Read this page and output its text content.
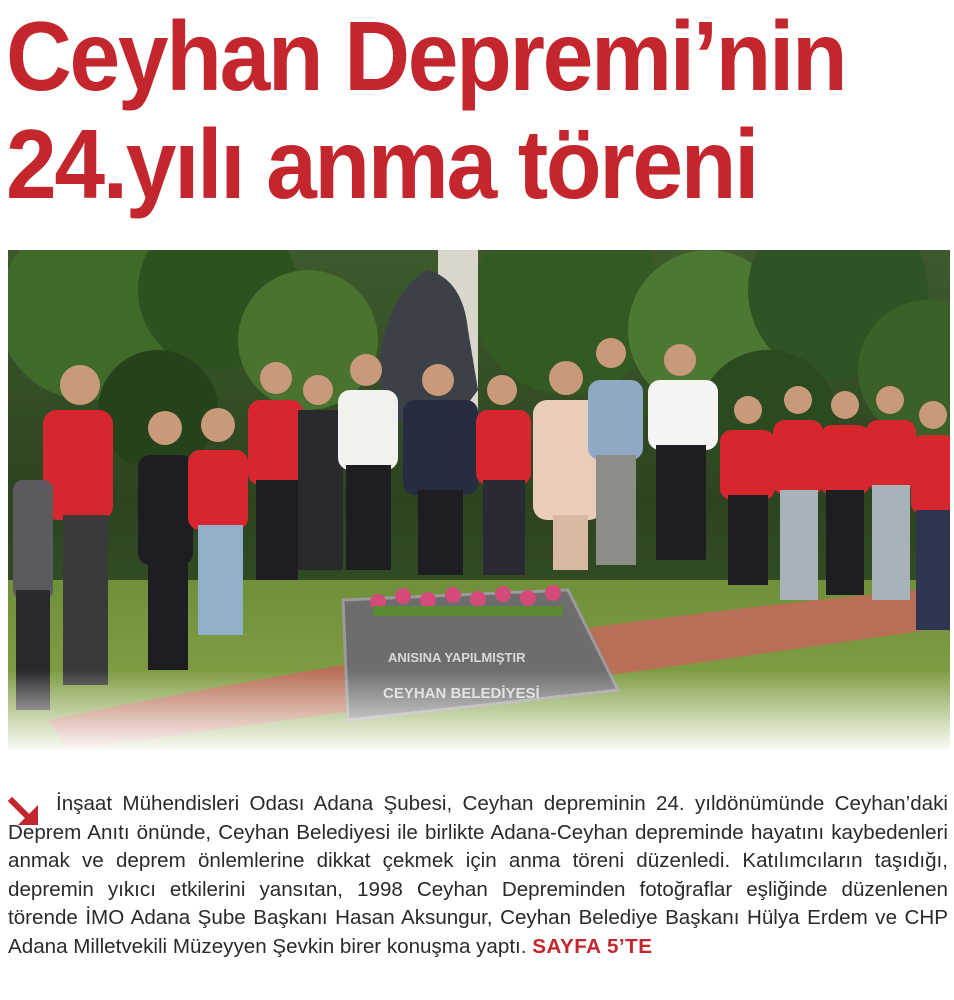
Ceyhan Depremi’nin
24.yılı anma töreni
ANISINA YAPILMIŞTIR

İnşaat Mühendisleri Odası Adana Şubesi, Ceyhan depreminin 24. yıldönümünde Ceyhan’daki Deprem Anıtı önünde, Ceyhan Belediyesi ile birlikte Adana-Ceyhan depreminde hayatını kaybedenleri anmak ve deprem önlemlerine dikkat çekmek için anma töreni düzenledi. Katılımcıların taşıdığı, depremin yıkıcı etkilerini yansıtan, 1998 Ceyhan Depreminden fotoğraflar eşliğinde düzenlenen törende İMO Adana Şube Başkanı Hasan Aksungur, Ceyhan Belediye Başkanı Hülya Erdem ve CHP Adana Milletvekili Müzeyyen Şevkin birer konuşma yaptı. SAYFA 5’TE
